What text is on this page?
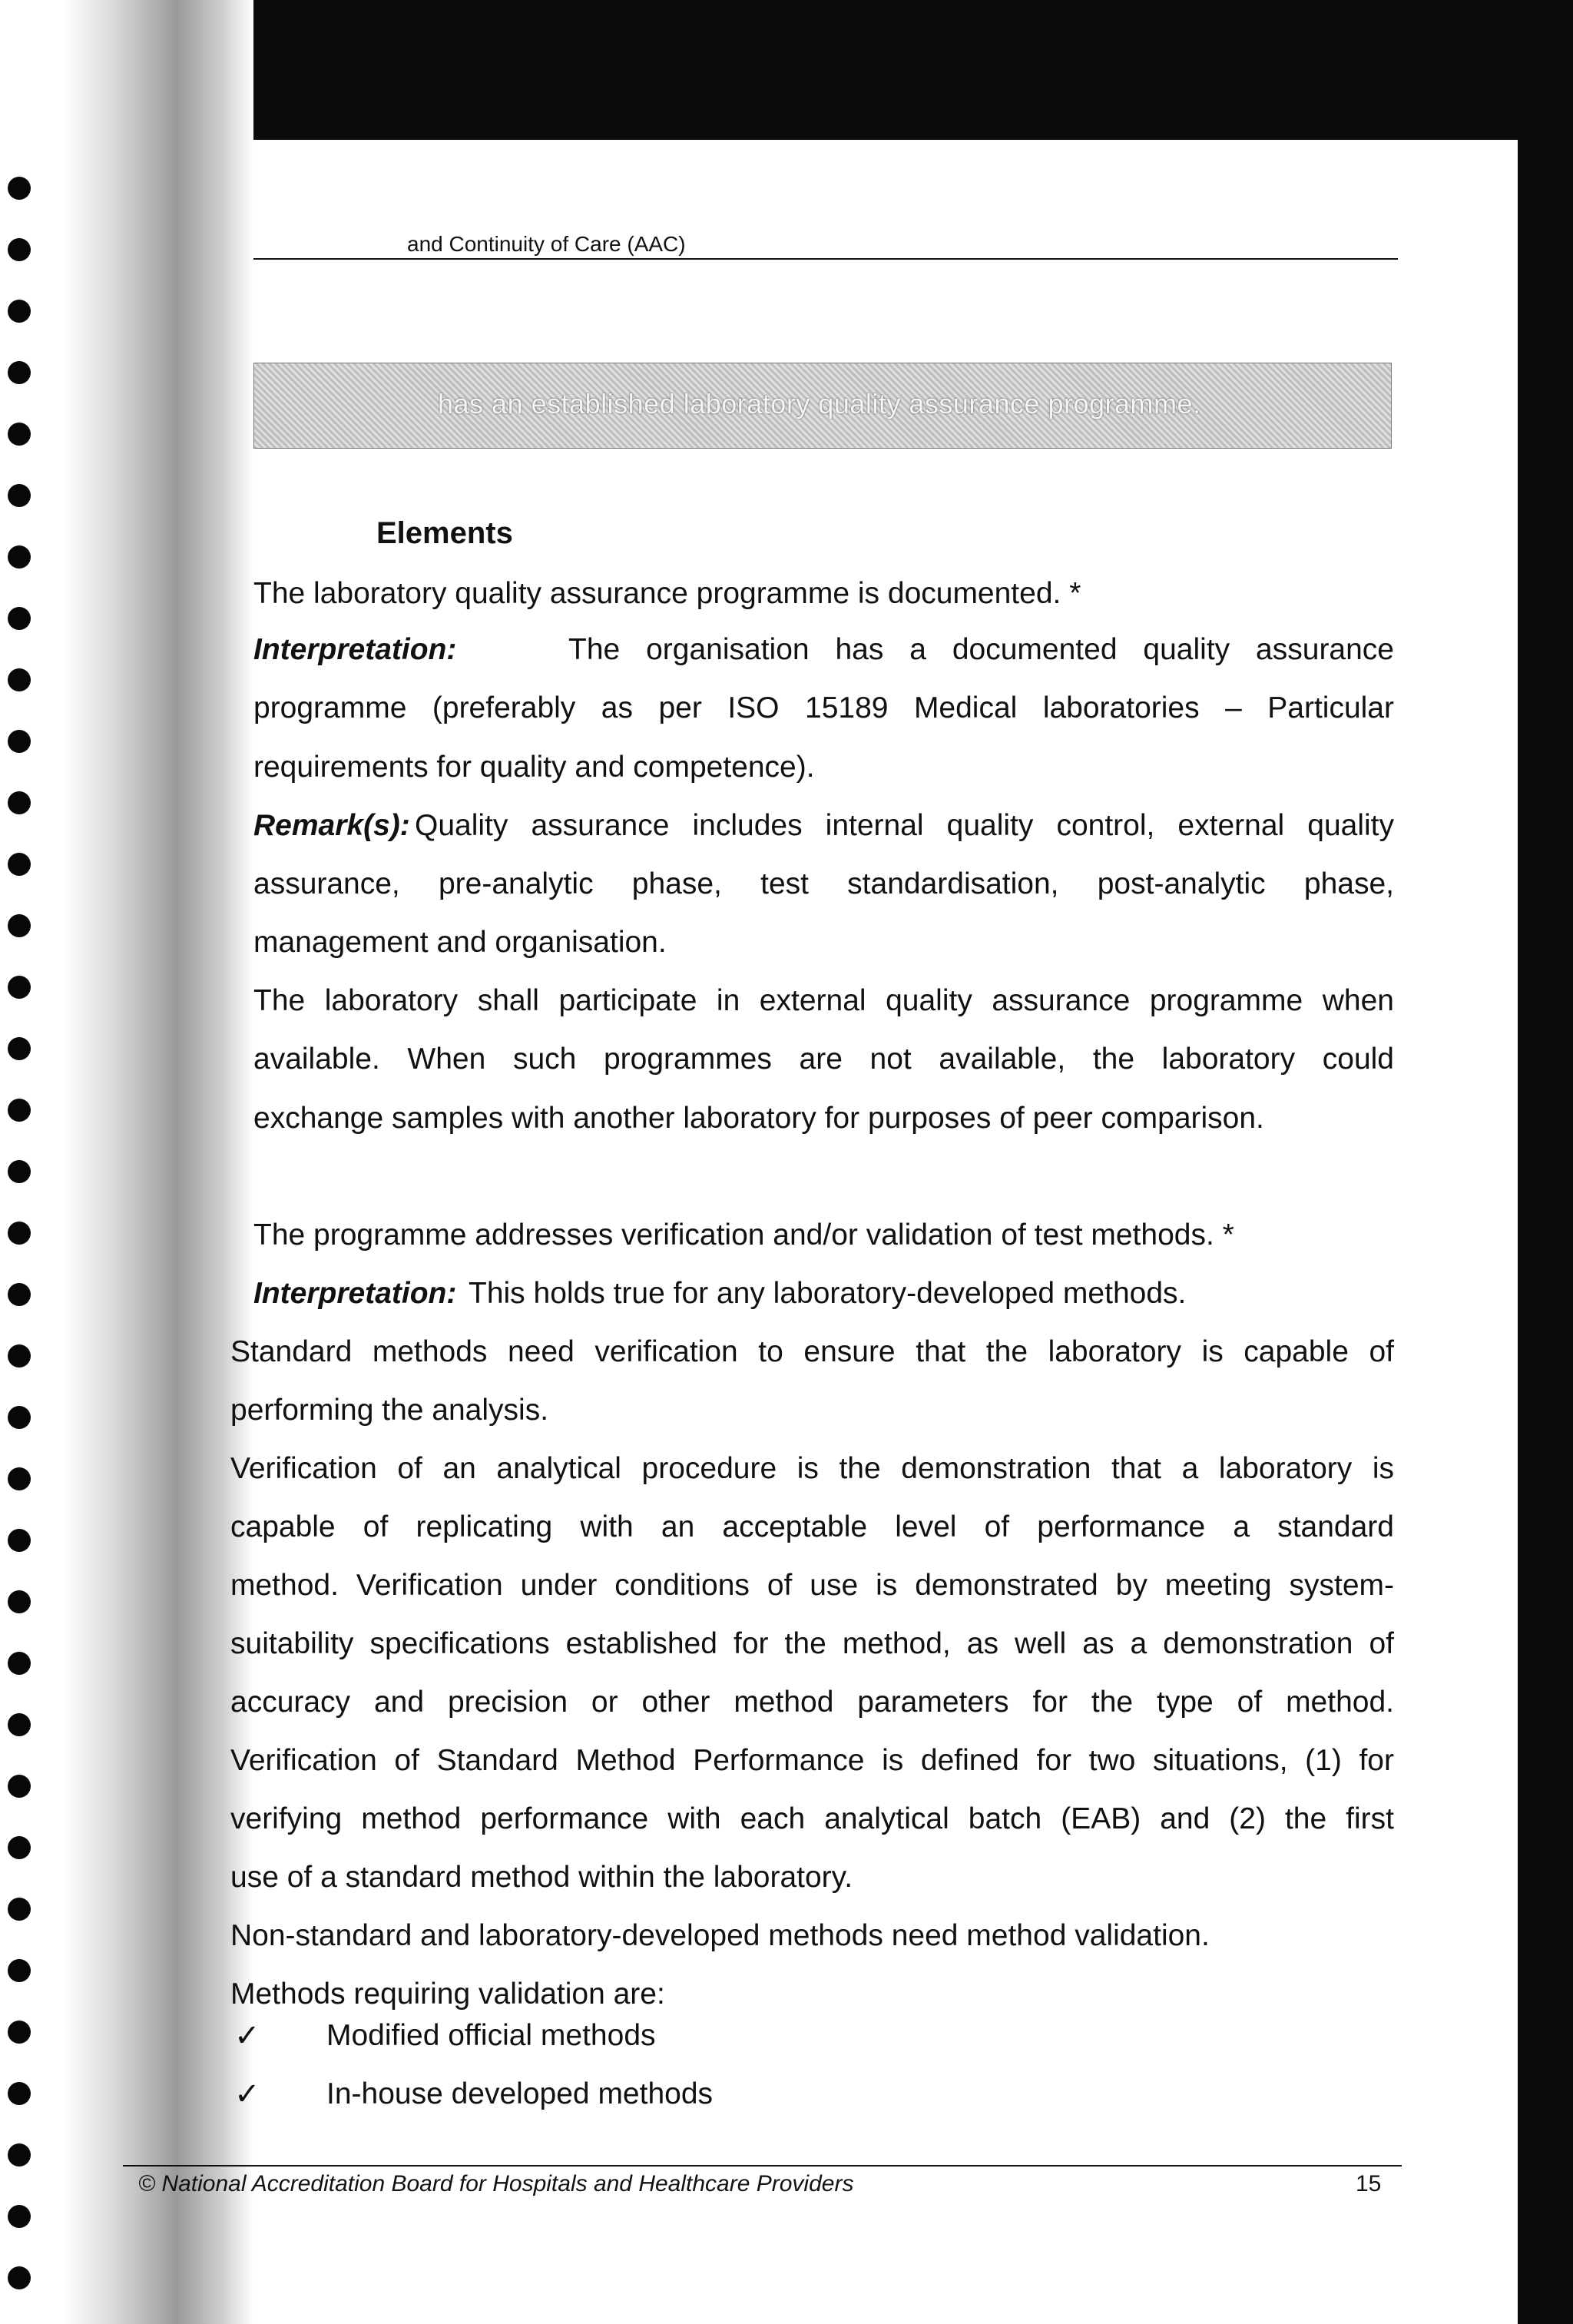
and Continuity of Care (AAC)
has an established laboratory quality assurance programme.
Elements
The laboratory quality assurance programme is documented. *
Interpretation:	The organisation has a documented quality assurance
programme (preferably as per ISO 15189 Medical laboratories – Particular
requirements for quality and competence).
Remark(s): Quality assurance includes internal quality control, external quality
assurance, pre-analytic phase, test standardisation, post-analytic phase,
management and organisation.
The laboratory shall participate in external quality assurance programme when
available. When such programmes are not available, the laboratory could
exchange samples with another laboratory for purposes of peer comparison.
The programme addresses verification and/or validation of test methods. *
Interpretation: This holds true for any laboratory-developed methods.
Standard methods need verification to ensure that the laboratory is capable of
performing the analysis.
Verification of an analytical procedure is the demonstration that a laboratory is
capable of replicating with an acceptable level of performance a standard
method. Verification under conditions of use is demonstrated by meeting system-
suitability specifications established for the method, as well as a demonstration of
accuracy and precision or other method parameters for the type of method.
Verification of Standard Method Performance is defined for two situations, (1) for
verifying method performance with each analytical batch (EAB) and (2) the first
use of a standard method within the laboratory.
Non-standard and laboratory-developed methods need method validation.
Methods requiring validation are:
✓ Modified official methods
✓ In-house developed methods
© National Accreditation Board for Hospitals and Healthcare Providers	15
